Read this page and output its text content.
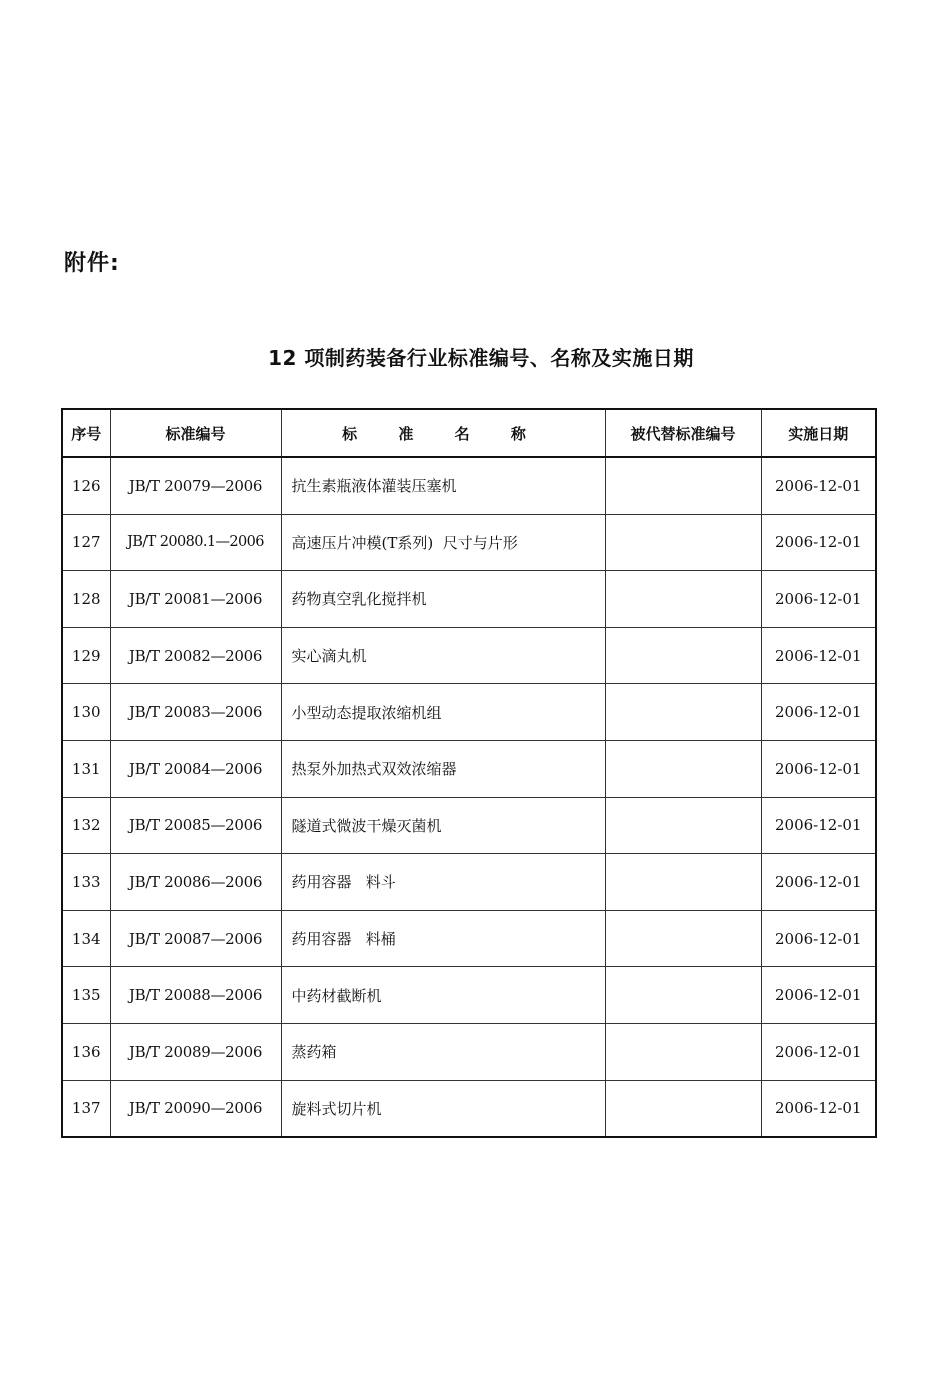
附件:
12 项制药装备行业标准编号、名称及实施日期
序号	标准编号	标 准 名 称	被代替标准编号	实施日期
126	JB/T 20079—2006	抗生素瓶液体灌装压塞机		2006-12-01
127	JB/T 20080.1—2006	高速压片冲模(T系列)  尺寸与片形		2006-12-01
128	JB/T 20081—2006	药物真空乳化搅拌机		2006-12-01
129	JB/T 20082—2006	实心滴丸机		2006-12-01
130	JB/T 20083—2006	小型动态提取浓缩机组		2006-12-01
131	JB/T 20084—2006	热泵外加热式双效浓缩器		2006-12-01
132	JB/T 20085—2006	隧道式微波干燥灭菌机		2006-12-01
133	JB/T 20086—2006	药用容器   料斗		2006-12-01
134	JB/T 20087—2006	药用容器   料桶		2006-12-01
135	JB/T 20088—2006	中药材截断机		2006-12-01
136	JB/T 20089—2006	蒸药箱		2006-12-01
137	JB/T 20090—2006	旋料式切片机		2006-12-01
